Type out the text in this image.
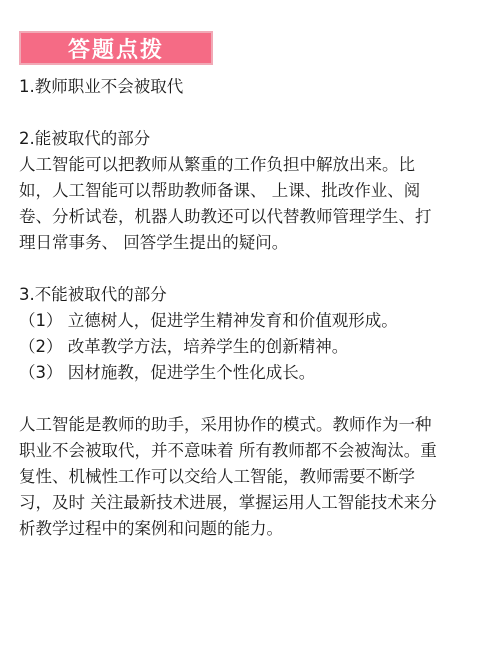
答题点拨
1.教师职业不会被取代
2.能被取代的部分
人工智能可以把教师从繁重的工作负担中解放出来。比
如，人工智能可以帮助教师备课、 上课、批改作业、阅
卷、分析试卷，机器人助教还可以代替教师管理学生、打
理日常事务、 回答学生提出的疑问。
3.不能被取代的部分
（1） 立德树人，促进学生精神发育和价值观形成。
（2） 改革教学方法，培养学生的创新精神。
（3） 因材施教，促进学生个性化成长。
人工智能是教师的助手，采用协作的模式。教师作为一种
职业不会被取代，并不意味着 所有教师都不会被淘汰。重
复性、机械性工作可以交给人工智能，教师需要不断学
习，及时 关注最新技术进展，掌握运用人工智能技术来分
析教学过程中的案例和问题的能力。
